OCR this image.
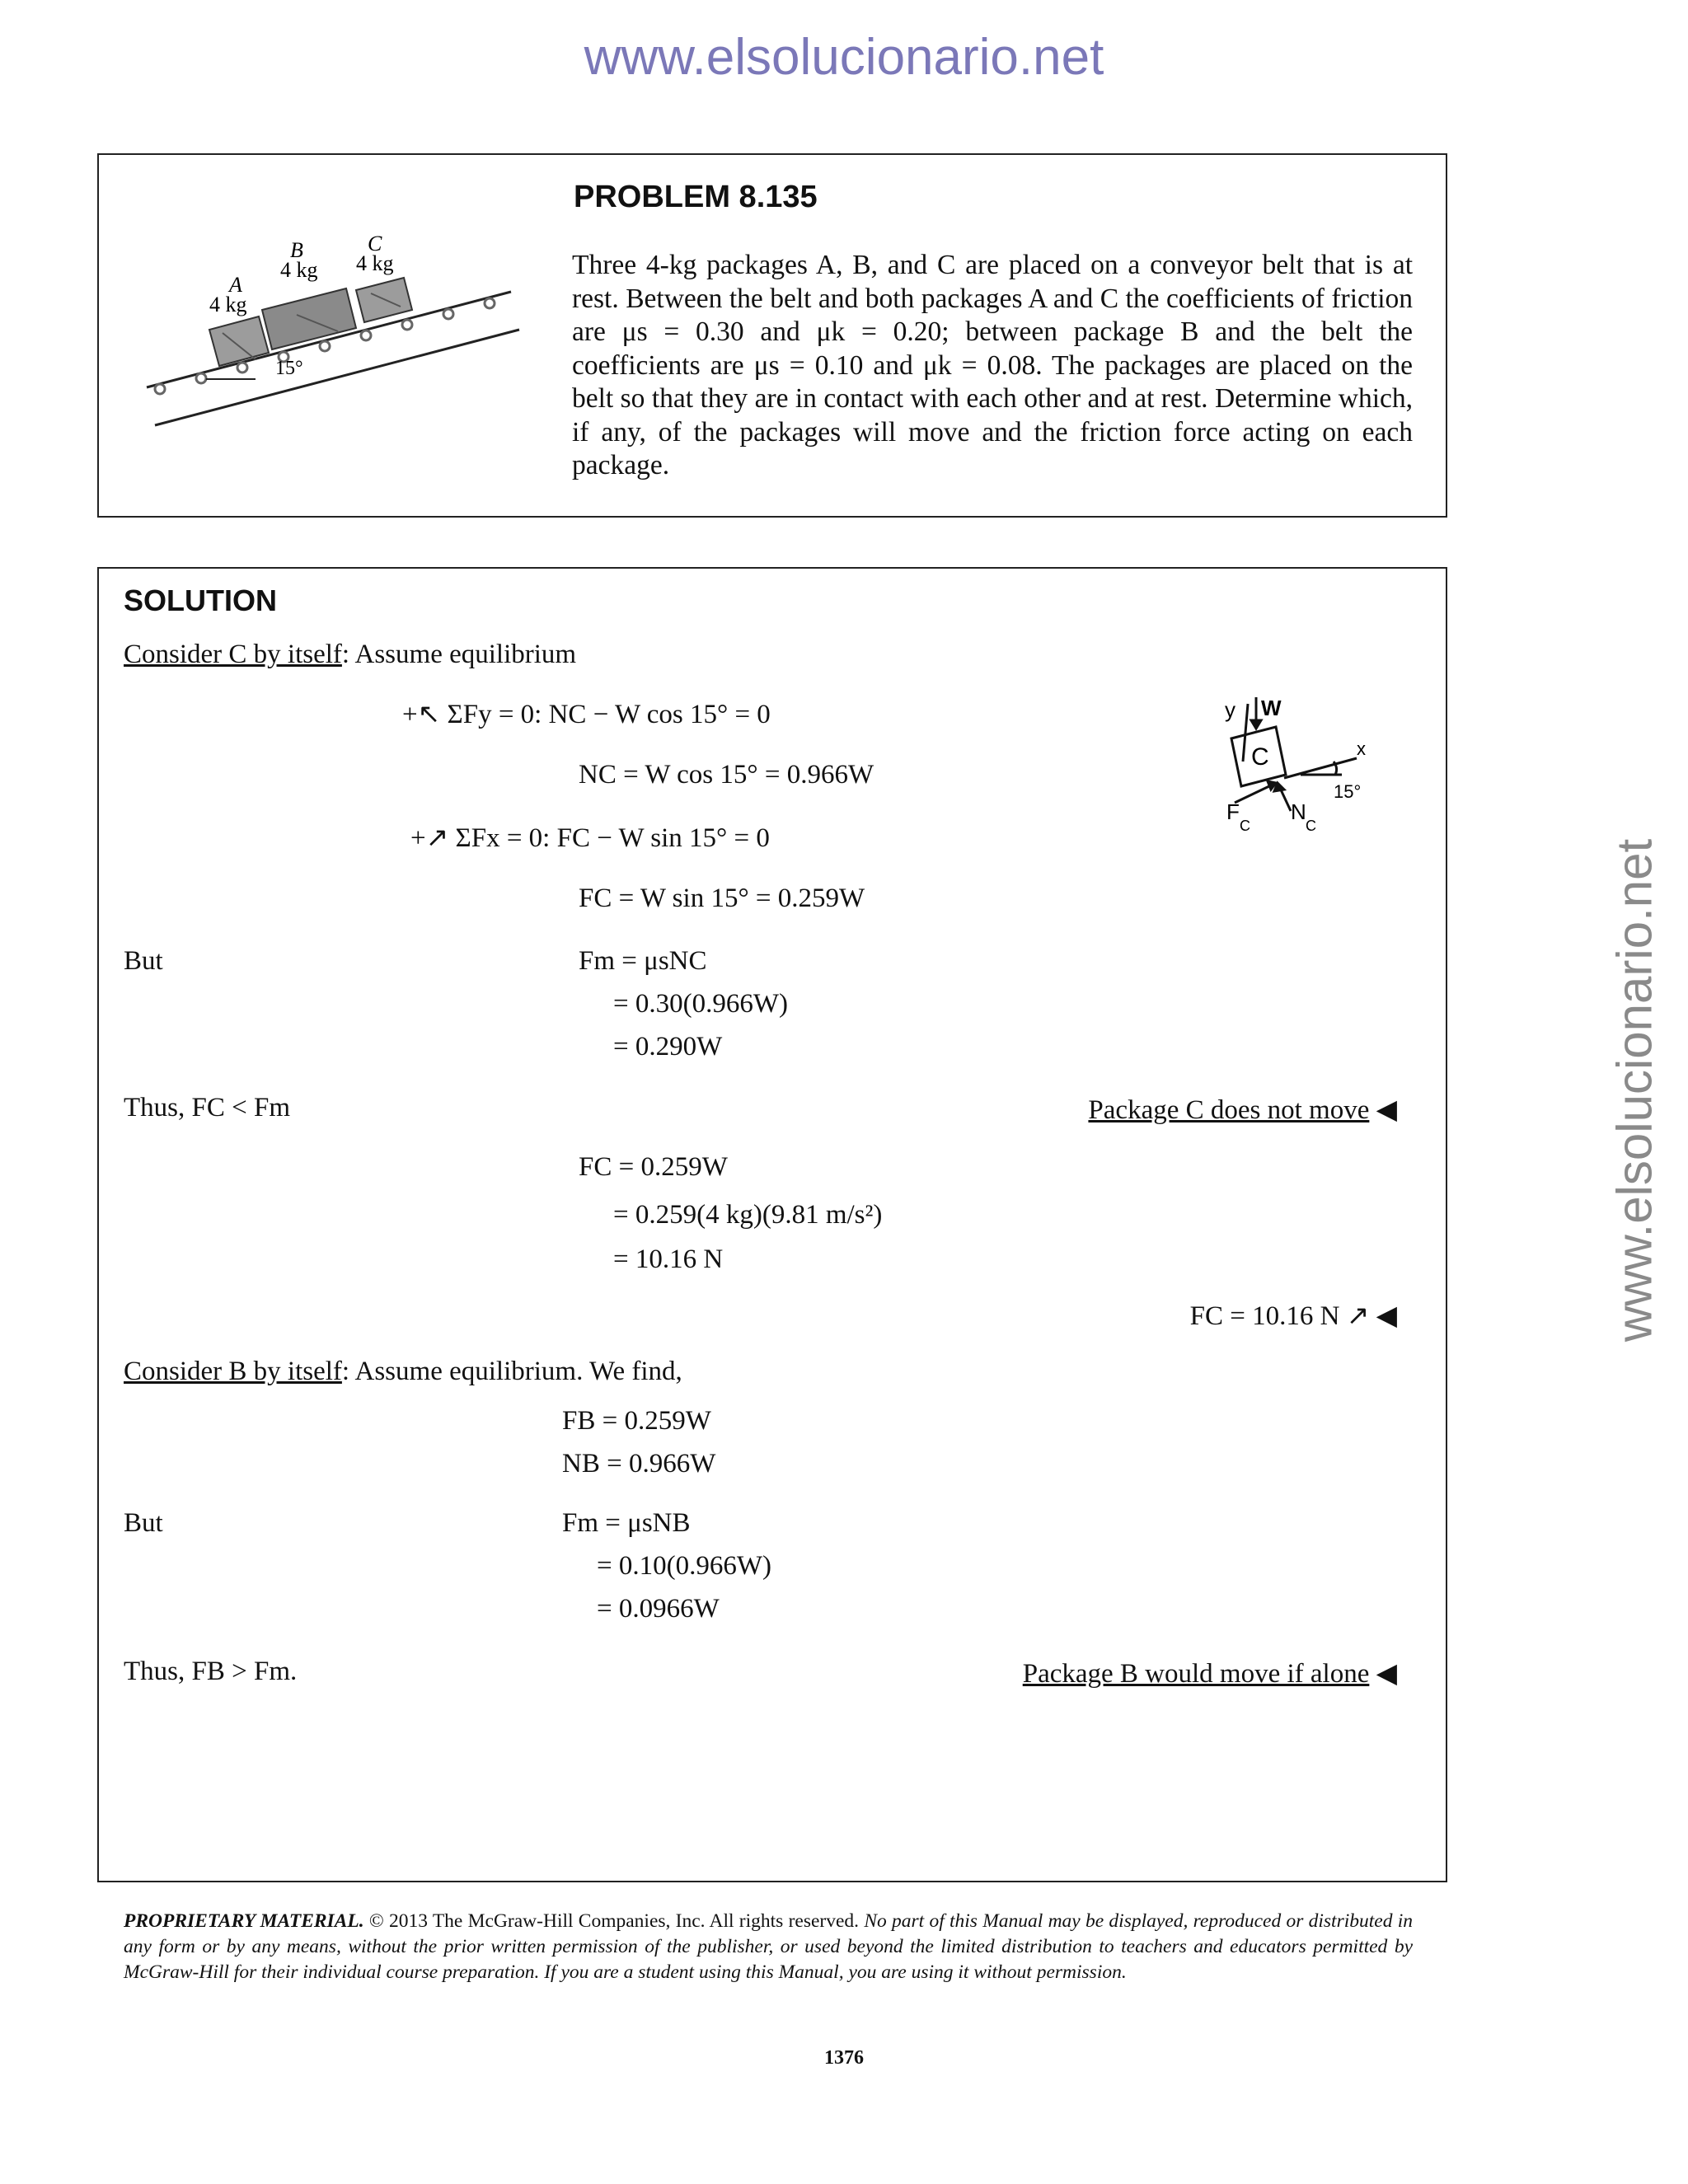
www.elsolucionario.net
www.elsolucionario.net
PROBLEM 8.135
Three 4-kg packages A, B, and C are placed on a conveyor belt that is at rest. Between the belt and both packages A and C the coefficients of friction are μs = 0.30 and μk = 0.20; between package B and the belt the coefficients are μs = 0.10 and μk = 0.08. The packages are placed on the belt so that they are in contact with each other and at rest. Determine which, if any, of the packages will move and the friction force acting on each package.
A
4 kg
B
4 kg
C
4 kg
15°
SOLUTION
Consider C by itself: Assume equilibrium
+↖ ΣFy = 0: NC − W cos 15° = 0
NC = W cos 15° = 0.966W
+↗ ΣFx = 0: FC − W sin 15° = 0
FC = W sin 15° = 0.259W
But	Fm = μsNC
= 0.30(0.966W)
= 0.290W
Thus, FC < Fm	Package C does not move ◀
FC = 0.259W
= 0.259(4 kg)(9.81 m/s²)
= 10.16 N
FC = 10.16 N ↗ ◀
Consider B by itself: Assume equilibrium. We find,
FB = 0.259W
NB = 0.966W
But	Fm = μsNB
= 0.10(0.966W)
= 0.0966W
Thus, FB > Fm.	Package B would move if alone ◀
y W
C	x
15°
F
C
N
C
PROPRIETARY MATERIAL. © 2013 The McGraw-Hill Companies, Inc. All rights reserved. No part of this Manual may be displayed, reproduced or distributed in any form or by any means, without the prior written permission of the publisher, or used beyond the limited distribution to teachers and educators permitted by McGraw-Hill for their individual course preparation. If you are a student using this Manual, you are using it without permission.
1376
